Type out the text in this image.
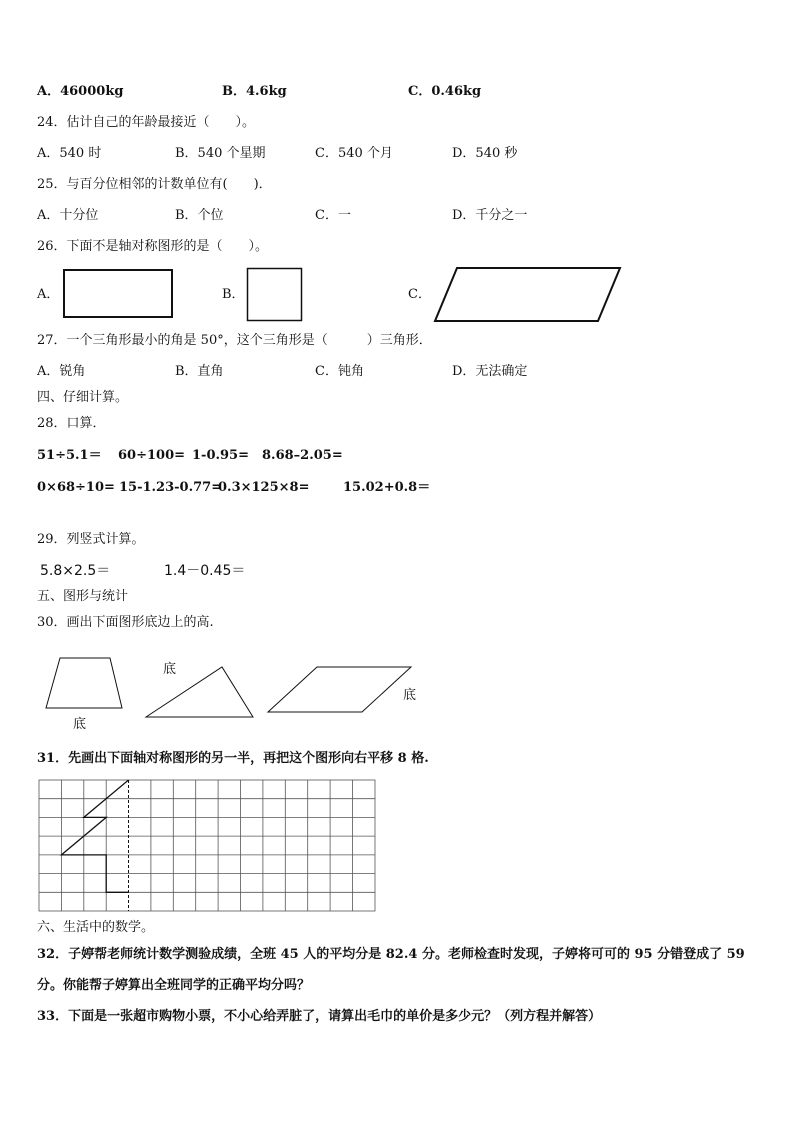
A．46000kg	B．4.6kg	C．0.46kg
24．估计自己的年龄最接近（　　）。
A．540 时	B．540 个星期	C．540 个月	D．540 秒
25．与百分位相邻的计数单位有(　　)．
A．十分位	B．个位	C．一	D．千分之一
26．下面不是轴对称图形的是（　　）。
A．	B．	C．
27．一个三角形最小的角是 50°，这个三角形是（　　　）三角形．
A．锐角	B．直角	C．钝角	D．无法确定
四、仔细计算。
28．口算．
51÷5.1＝ 60÷100= 1-0.95= 8.68–2.05=
0×68÷10= 15-1.23-0.77=
0.3×125×8=	15.02+0.8＝
29．列竖式计算。
5.8×2.5＝	1.4－0.45＝
五、图形与统计
30．画出下面图形底边上的高.
底
底
底
31．先画出下面轴对称图形的另一半，再把这个图形向右平移 8 格.
六、生活中的数学。
32．子婷帮老师统计数学测验成绩，全班 45 人的平均分是 82.4 分。老师检查时发现，子婷将可可的 95 分错登成了 59
分。你能帮子婷算出全班同学的正确平均分吗？
33．下面是一张超市购物小票，不小心给弄脏了，请算出毛巾的单价是多少元？（列方程并解答）
